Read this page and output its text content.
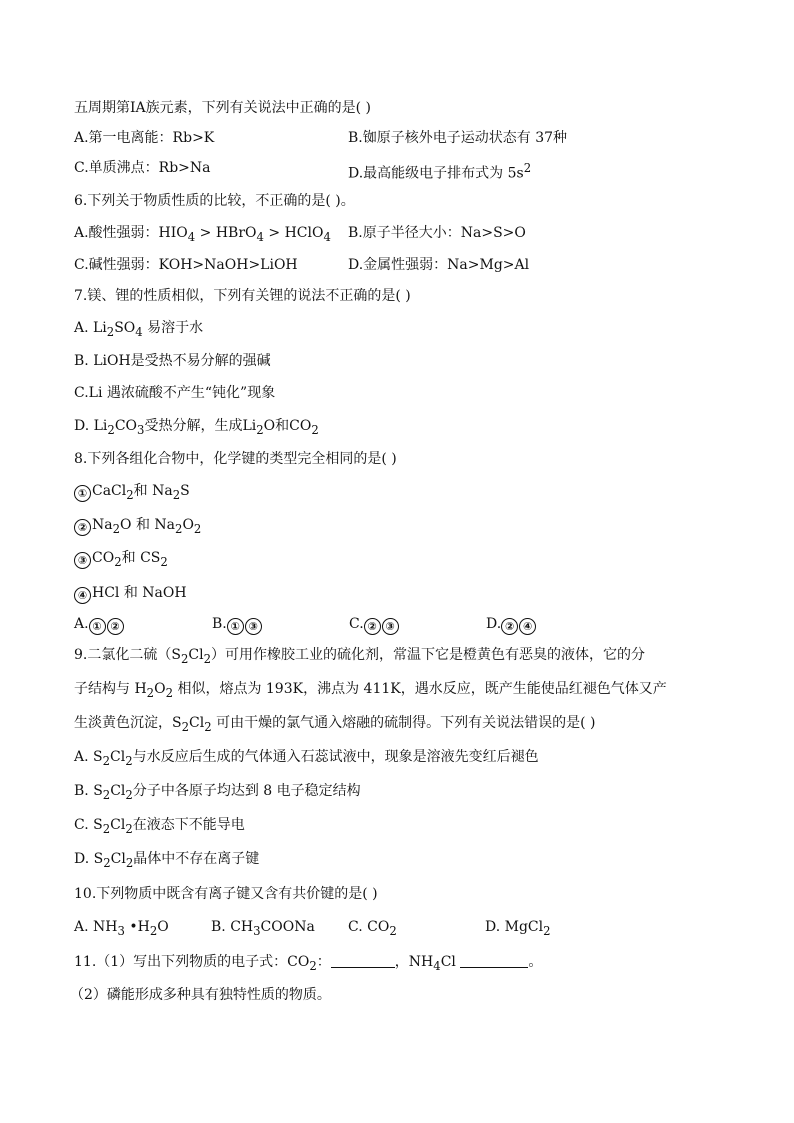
五周期第ⅠA族元素，下列有关说法中正确的是( )
A.第一电离能：Rb>K	B.铷原子核外电子运动状态有 37种
C.单质沸点：Rb>Na	D.最高能级电子排布式为 $5s^2$
6.下列关于物质性质的比较，不正确的是( )。
A.酸性强弱：$HIO_4$ > HBrO$_4$ > HClO$_4$ B.原子半径大小：Na>S>O
C.碱性强弱：KOH>NaOH>LiOH	D.金属性强弱：Na>Mg>Al
7.镁、锂的性质相似，下列有关锂的说法不正确的是( )
A. $Li_2SO_4$ 易溶于水
B. LiOH是受热不易分解的强碱
C.Li 遇浓硫酸不产生“钝化”现象
D. $Li_2CO_3$受热分解，生成$Li_2O$和$CO_2$
8.下列各组化合物中，化学键的类型完全相同的是( )
① CaCl$_2$和 $Na_2S$
② $Na_2O$ 和 $Na_2O_2$
③ $CO_2$和 $CS_2$
④ HCl 和 NaOH
A. ① ②	B. ① ③	C. ② ③	D. ② ④
9.二氯化二硫$(S_2Cl_2)$可用作橡胶工业的硫化剂，常温下它是橙黄色有恶臭的液体，它的分
子结构与 $H_2O_2$ 相似，熔点为 193K，沸点为 411K，遇水反应，既产生能使品红褪色气体又产
生淡黄色沉淀，$S_2Cl_2$ 可由干燥的氯气通入熔融的硫制得。下列有关说法错误的是( )
A. $S_2Cl_2$与水反应后生成的气体通入石蕊试液中，现象是溶液先变红后褪色
B. $S_2Cl_2$分子中各原子均达到 8 电子稳定结构
C. $S_2Cl_2$在液态下不能导电
D. $S_2Cl_2$晶体中不存在离子键
10.下列物质中既含有离子键又含有共价键的是( )
A. $NH_3$ $•H_2O$	B. $CH_3COONa$ C. $CO_2$	D. MgCl$_2$
11.（1）写出下列物质的电子式：$CO_2$：	，$NH_4Cl$	。
（2）磷能形成多种具有独特性质的物质。
